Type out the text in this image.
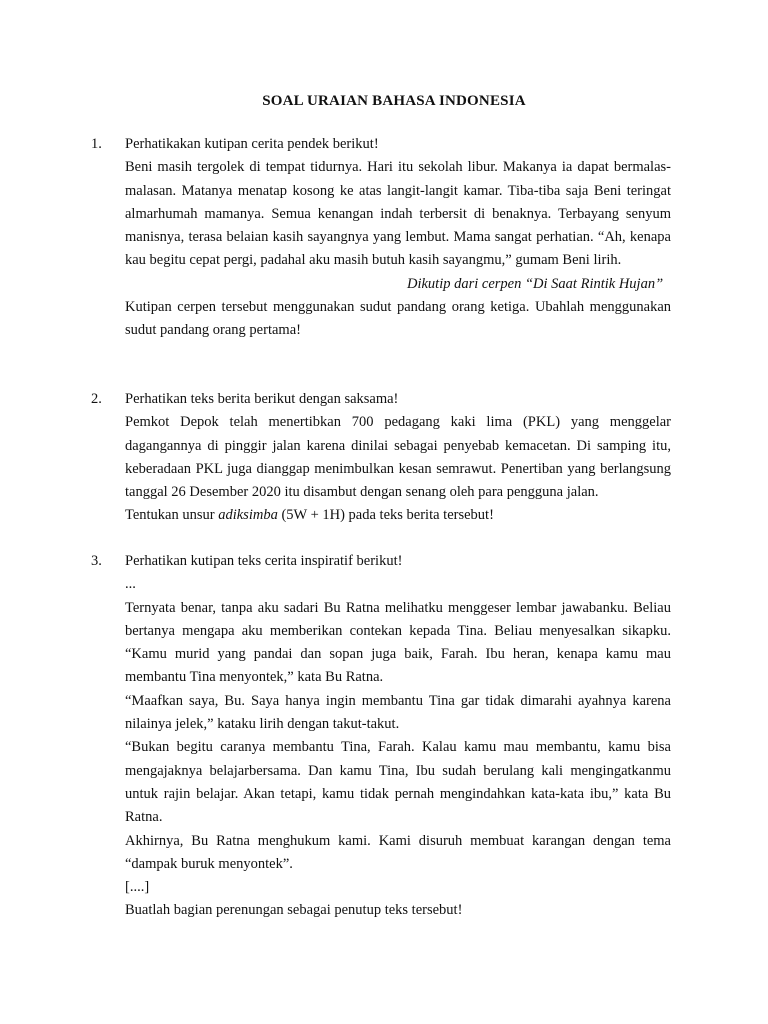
SOAL URAIAN BAHASA INDONESIA
1. Perhatikakan kutipan cerita pendek berikut!

Beni masih tergolek di tempat tidurnya. Hari itu sekolah libur. Makanya ia dapat bermalas-malasan. Matanya menatap kosong ke atas langit-langit kamar. Tiba-tiba saja Beni teringat almarhumah mamanya. Semua kenangan indah terbersit di benaknya. Terbayang senyum manisnya, terasa belaian kasih sayangnya yang lembut. Mama sangat perhatian. “Ah, kenapa kau begitu cepat pergi, padahal aku masih butuh kasih sayangmu,” gumam Beni lirih.

Dikutip dari cerpen “Di Saat Rintik Hujan”

Kutipan cerpen tersebut menggunakan sudut pandang orang ketiga. Ubahlah menggunakan sudut pandang orang pertama!

2. Perhatikan teks berita berikut dengan saksama!

Pemkot Depok telah menertibkan 700 pedagang kaki lima (PKL) yang menggelar dagangannya di pinggir jalan karena dinilai sebagai penyebab kemacetan. Di samping itu, keberadaan PKL juga dianggap menimbulkan kesan semrawut. Penertiban yang berlangsung tanggal 26 Desember 2020 itu disambut dengan senang oleh para pengguna jalan.

Tentukan unsur adiksimba (5W + 1H) pada teks berita tersebut!

3. Perhatikan kutipan teks cerita inspiratif berikut!

...

Ternyata benar, tanpa aku sadari Bu Ratna melihatku menggeser lembar jawabanku. Beliau bertanya mengapa aku memberikan contekan kepada Tina. Beliau menyesalkan sikapku. “Kamu murid yang pandai dan sopan juga baik, Farah. Ibu heran, kenapa kamu mau membantu Tina menyontek,” kata Bu Ratna.

“Maafkan saya, Bu. Saya hanya ingin membantu Tina gar tidak dimarahi ayahnya karena nilainya jelek,” kataku lirih dengan takut-takut.

“Bukan begitu caranya membantu Tina, Farah. Kalau kamu mau membantu, kamu bisa mengajaknya belajarbersama. Dan kamu Tina, Ibu sudah berulang kali mengingatkanmu untuk rajin belajar. Akan tetapi, kamu tidak pernah mengindahkan kata-kata ibu,” kata Bu Ratna.

Akhirnya, Bu Ratna menghukum kami. Kami disuruh membuat karangan dengan tema “dampak buruk menyontek”.

[....]

Buatlah bagian perenungan sebagai penutup teks tersebut!
